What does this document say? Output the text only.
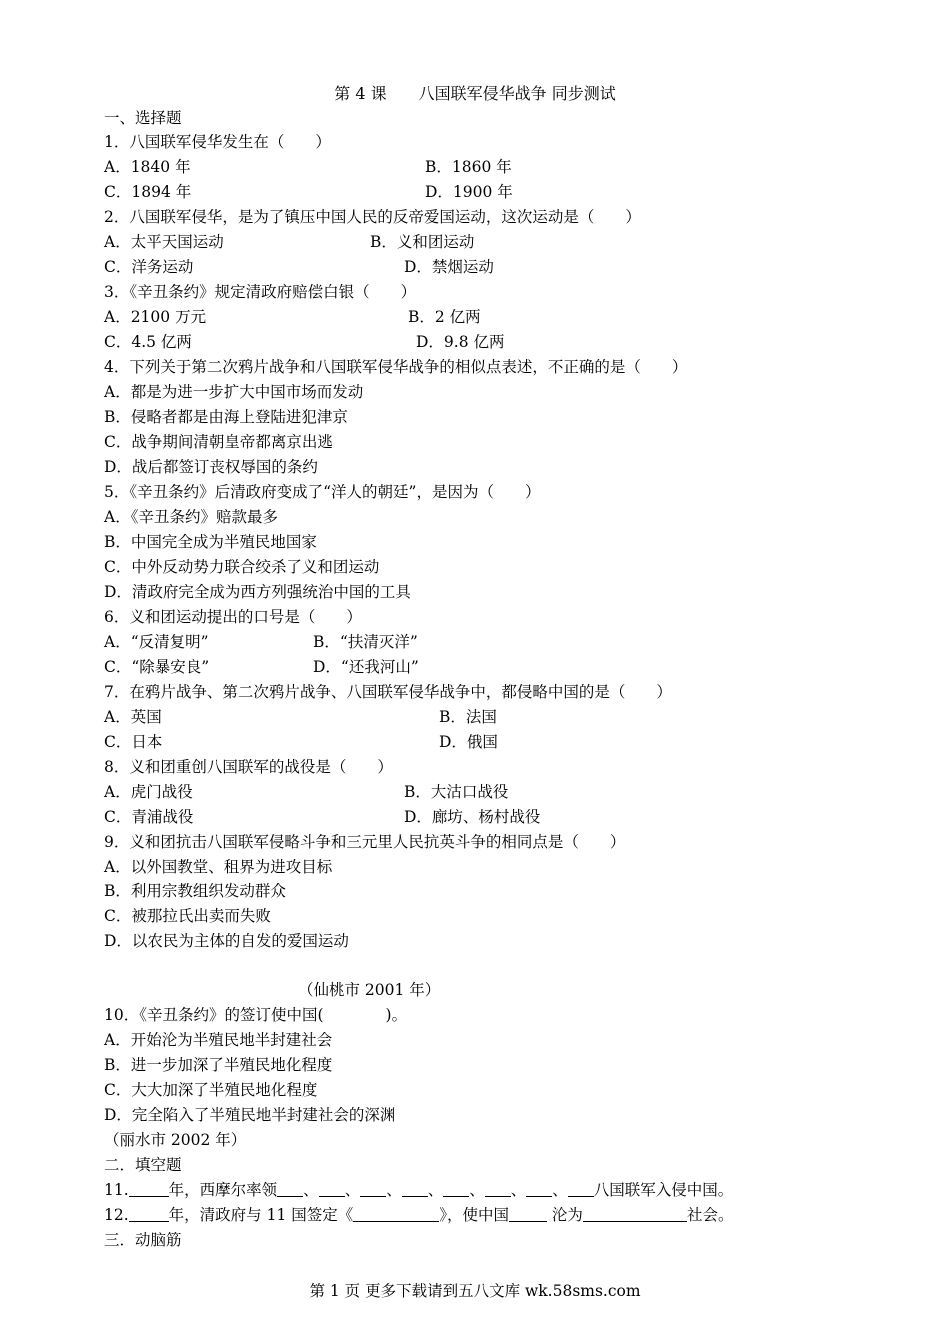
第 4 课　　八国联军侵华战争 同步测试
一、选择题
1．八国联军侵华发生在（　　）
A．1840 年	B．1860 年
C．1894 年	D．1900 年
2．八国联军侵华，是为了镇压中国人民的反帝爱国运动，这次运动是（　　）
A．太平天国运动	B．义和团运动
C．洋务运动	D．禁烟运动
3．《辛丑条约》规定清政府赔偿白银（　　）
A．2100 万元	B．2 亿两
C．4.5 亿两	D．9.8 亿两
4．下列关于第二次鸦片战争和八国联军侵华战争的相似点表述，不正确的是（　　）
A．都是为进一步扩大中国市场而发动
B．侵略者都是由海上登陆进犯津京
C．战争期间清朝皇帝都离京出逃
D．战后都签订丧权辱国的条约
5．《辛丑条约》后清政府变成了“洋人的朝廷”，是因为（　　）
A．《辛丑条约》赔款最多
B．中国完全成为半殖民地国家
C．中外反动势力联合绞杀了义和团运动
D．清政府完全成为西方列强统治中国的工具
6．义和团运动提出的口号是（　　）
A．“反清复明”	B．“扶清灭洋”
C．“除暴安良”	D．“还我河山”
7．在鸦片战争、第二次鸦片战争、八国联军侵华战争中，都侵略中国的是（　　）
A．英国	B．法国
C．日本	D．俄国
8．义和团重创八国联军的战役是（　　）
A．虎门战役	B．大沽口战役
C．青浦战役	D．廊坊、杨村战役
9．义和团抗击八国联军侵略斗争和三元里人民抗英斗争的相同点是（　　）
A．以外国教堂、租界为进攻目标
B．利用宗教组织发动群众
C．被那拉氏出卖而失败
D．以农民为主体的自发的爱国运动
（仙桃市 2001 年）
10．《辛丑条约》的签订使中国(　　　　)。
A．开始沦为半殖民地半封建社会
B．进一步加深了半殖民地化程度
C．大大加深了半殖民地化程度
D．完全陷入了半殖民地半封建社会的深渊
（丽水市 2002 年）
二．填空题
11.	年，西摩尔率领 、 、 、 、 、 、 、 八国联军入侵中国。
12.	年，清政府与 11 国签定《	》，使中国 沦为	社会。
三．动脑筋
第 1 页 更多下载请到五八文库 wk.58sms.com
